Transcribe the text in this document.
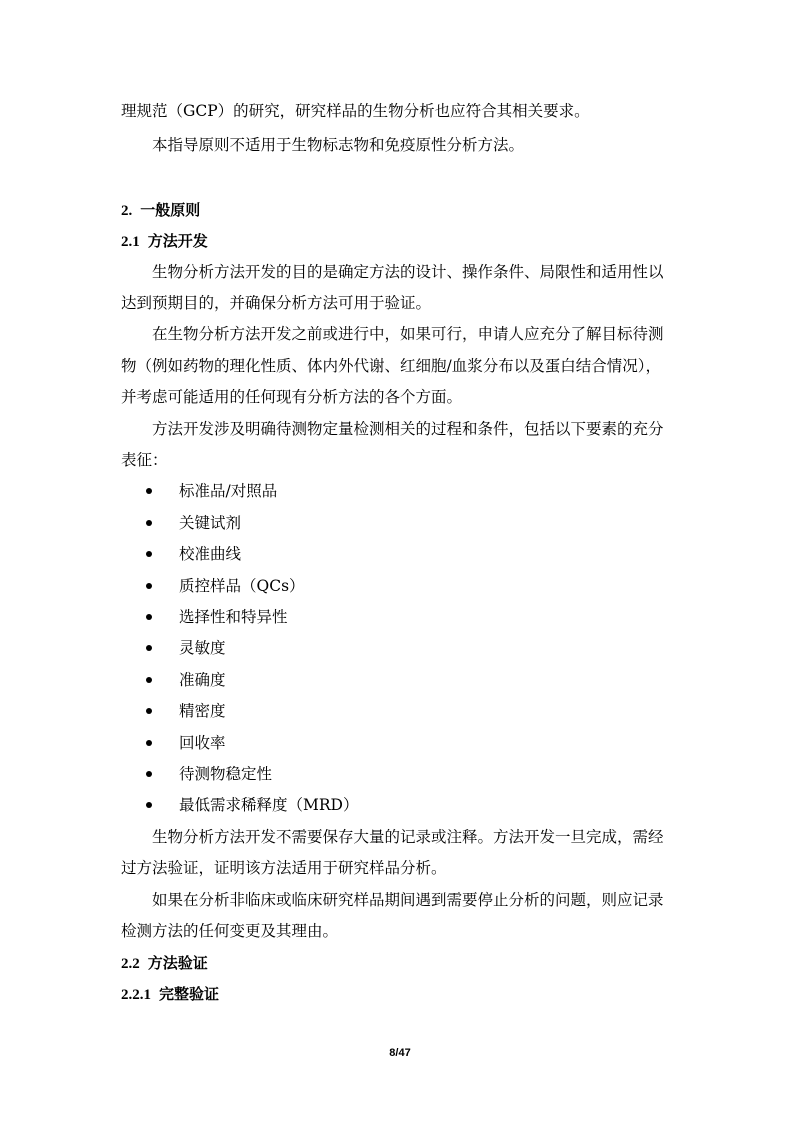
理规范（GCP）的研究，研究样品的生物分析也应符合其相关要求。

本指导原则不适用于生物标志物和免疫原性分析方法。

2. 一般原则
2.1 方法开发

生物分析方法开发的目的是确定方法的设计、操作条件、局限性和适用性以

达到预期目的，并确保分析方法可用于验证。

在生物分析方法开发之前或进行中，如果可行，申请人应充分了解目标待测

物（例如药物的理化性质、体内外代谢、红细胞/血浆分布以及蛋白结合情况），

并考虑可能适用的任何现有分析方法的各个方面。

方法开发涉及明确待测物定量检测相关的过程和条件，包括以下要素的充分

表征：

标准品/对照品
关键试剂
校准曲线
质控样品（QCs）
选择性和特异性
灵敏度
准确度
精密度
回收率
待测物稳定性
最低需求稀释度（MRD）

生物分析方法开发不需要保存大量的记录或注释。方法开发一旦完成，需经

过方法验证，证明该方法适用于研究样品分析。

如果在分析非临床或临床研究样品期间遇到需要停止分析的问题，则应记录

检测方法的任何变更及其理由。

2.2 方法验证
2.2.1 完整验证
8/47
